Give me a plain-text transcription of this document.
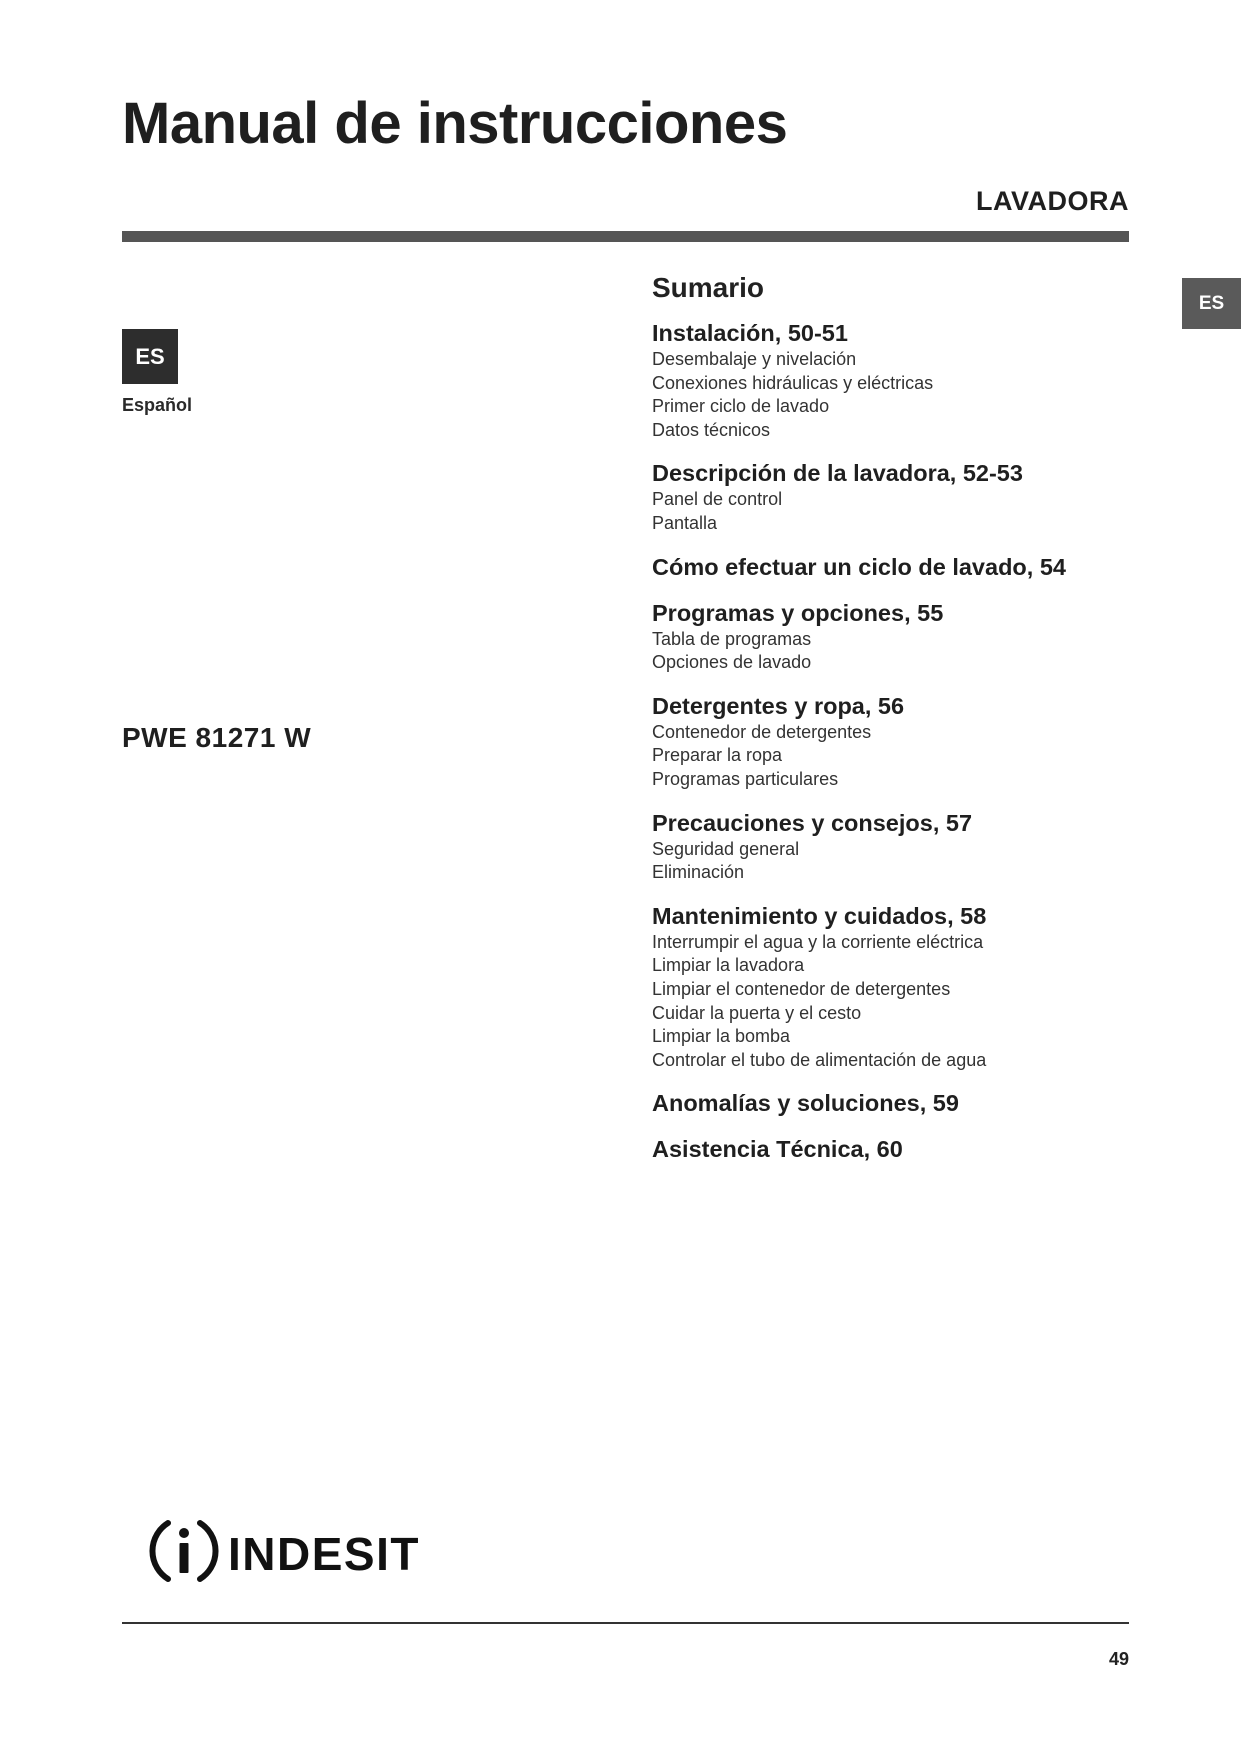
Manual de instrucciones
LAVADORA
ES
ES
Español
PWE 81271 W
Sumario
Instalación, 50-51
Desembalaje y nivelación
Conexiones hidráulicas y eléctricas
Primer ciclo de lavado
Datos técnicos
Descripción de la lavadora, 52-53
Panel de control
Pantalla
Cómo efectuar un ciclo de lavado, 54
Programas y opciones, 55
Tabla de programas
Opciones de lavado
Detergentes y ropa, 56
Contenedor de detergentes
Preparar la ropa
Programas particulares
Precauciones y consejos, 57
Seguridad general
Eliminación
Mantenimiento y cuidados, 58
Interrumpir el agua y la corriente eléctrica
Limpiar la lavadora
Limpiar el contenedor de detergentes
Cuidar la puerta y el cesto
Limpiar la bomba
Controlar el tubo de alimentación de agua
Anomalías y soluciones, 59
Asistencia Técnica, 60
INDESIT
49
